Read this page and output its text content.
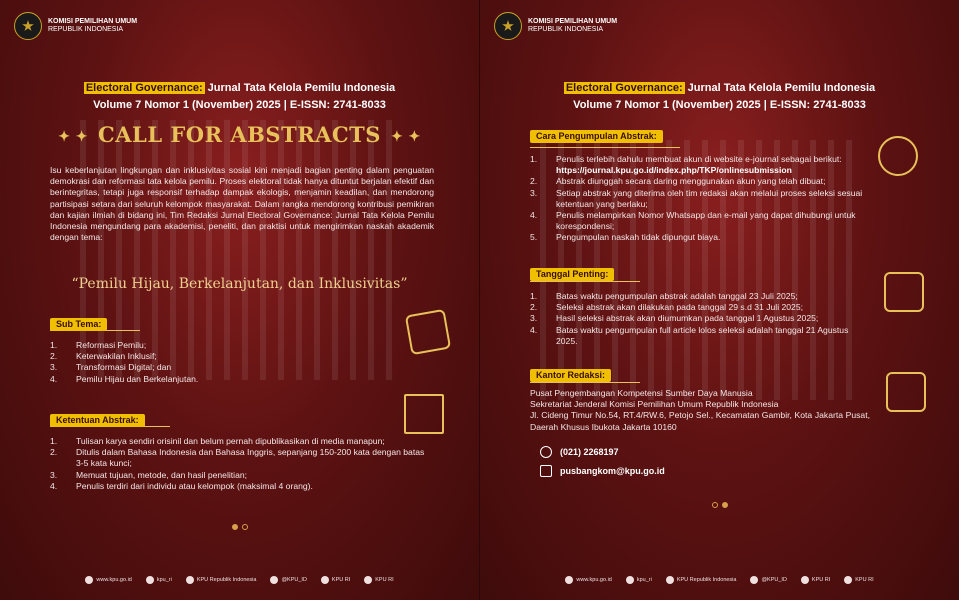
KOMISI PEMILIHAN UMUM
REPUBLIK INDONESIA
Electoral Governance: Jurnal Tata Kelola Pemilu Indonesia
Volume 7 Nomor 1 (November) 2025 | E-ISSN: 2741-8033
✦ ✦ CALL FOR ABSTRACTS ✦ ✦
Isu keberlanjutan lingkungan dan inklusivitas sosial kini menjadi bagian penting dalam penguatan demokrasi dan reformasi tata kelola pemilu. Proses elektoral tidak hanya dituntut berjalan efektif dan berintegritas, tetapi juga responsif terhadap dampak ekologis, menjamin keadilan, dan mendorong partisipasi setara dari seluruh kelompok masyarakat. Dalam rangka mendorong kontribusi pemikiran dan kajian ilmiah di bidang ini, Tim Redaksi Jurnal Electoral Governance: Jurnal Tata Kelola Pemilu Indonesia mengundang para akademisi, peneliti, dan praktisi untuk mengirimkan naskah akademik dengan tema:
“Pemilu Hijau, Berkelanjutan, dan Inklusivitas”
Sub Tema:
1.	Reformasi Pemilu;
2.	Keterwakilan Inklusif;
3.	Transformasi Digital; dan
4.	Pemilu Hijau dan Berkelanjutan.
Ketentuan Abstrak:
1.	Tulisan karya sendiri orisinil dan belum pernah dipublikasikan di media manapun;
2.	Ditulis dalam Bahasa Indonesia dan Bahasa Inggris, sepanjang 150-200 kata dengan batas 3-5 kata kunci;
3.	Memuat tujuan, metode, dan hasil penelitian;
4.	Penulis terdiri dari individu atau kelompok (maksimal 4 orang).
www.kpu.go.id	kpu_ri	KPU Republik Indonesia	@KPU_ID	KPU RI	KPU RI
KOMISI PEMILIHAN UMUM
REPUBLIK INDONESIA
Electoral Governance: Jurnal Tata Kelola Pemilu Indonesia
Volume 7 Nomor 1 (November) 2025 | E-ISSN: 2741-8033
Cara Pengumpulan Abstrak:
1.	Penulis terlebih dahulu membuat akun di website e-journal sebagai berikut:
https://journal.kpu.go.id/index.php/TKP/onlinesubmission
2.	Abstrak diunggah secara daring menggunakan akun yang telah dibuat;
3.	Setiap abstrak yang diterima oleh tim redaksi akan melalui proses seleksi sesuai ketentuan yang berlaku;
4.	Penulis melampirkan Nomor Whatsapp dan e-mail yang dapat dihubungi untuk korespondensi;
5.	Pengumpulan naskah tidak dipungut biaya.
Tanggal Penting:
1.	Batas waktu pengumpulan abstrak adalah tanggal 23 Juli 2025;
2.	Seleksi abstrak akan dilakukan pada tanggal 29 s.d 31 Juli 2025;
3.	Hasil seleksi abstrak akan diumumkan pada tanggal 1 Agustus 2025;
4.	Batas waktu pengumpulan full article lolos seleksi adalah tanggal 21 Agustus 2025.
Kantor Redaksi:
Pusat Pengembangan Kompetensi Sumber Daya Manusia
Sekretariat Jenderal Komisi Pemilihan Umum Republik Indonesia
Jl. Cideng Timur No.54, RT.4/RW.6, Petojo Sel., Kecamatan Gambir, Kota Jakarta Pusat, Daerah Khusus Ibukota Jakarta 10160
(021) 2268197
pusbangkom@kpu.go.id
www.kpu.go.id	kpu_ri	KPU Republik Indonesia	@KPU_ID	KPU RI	KPU RI
